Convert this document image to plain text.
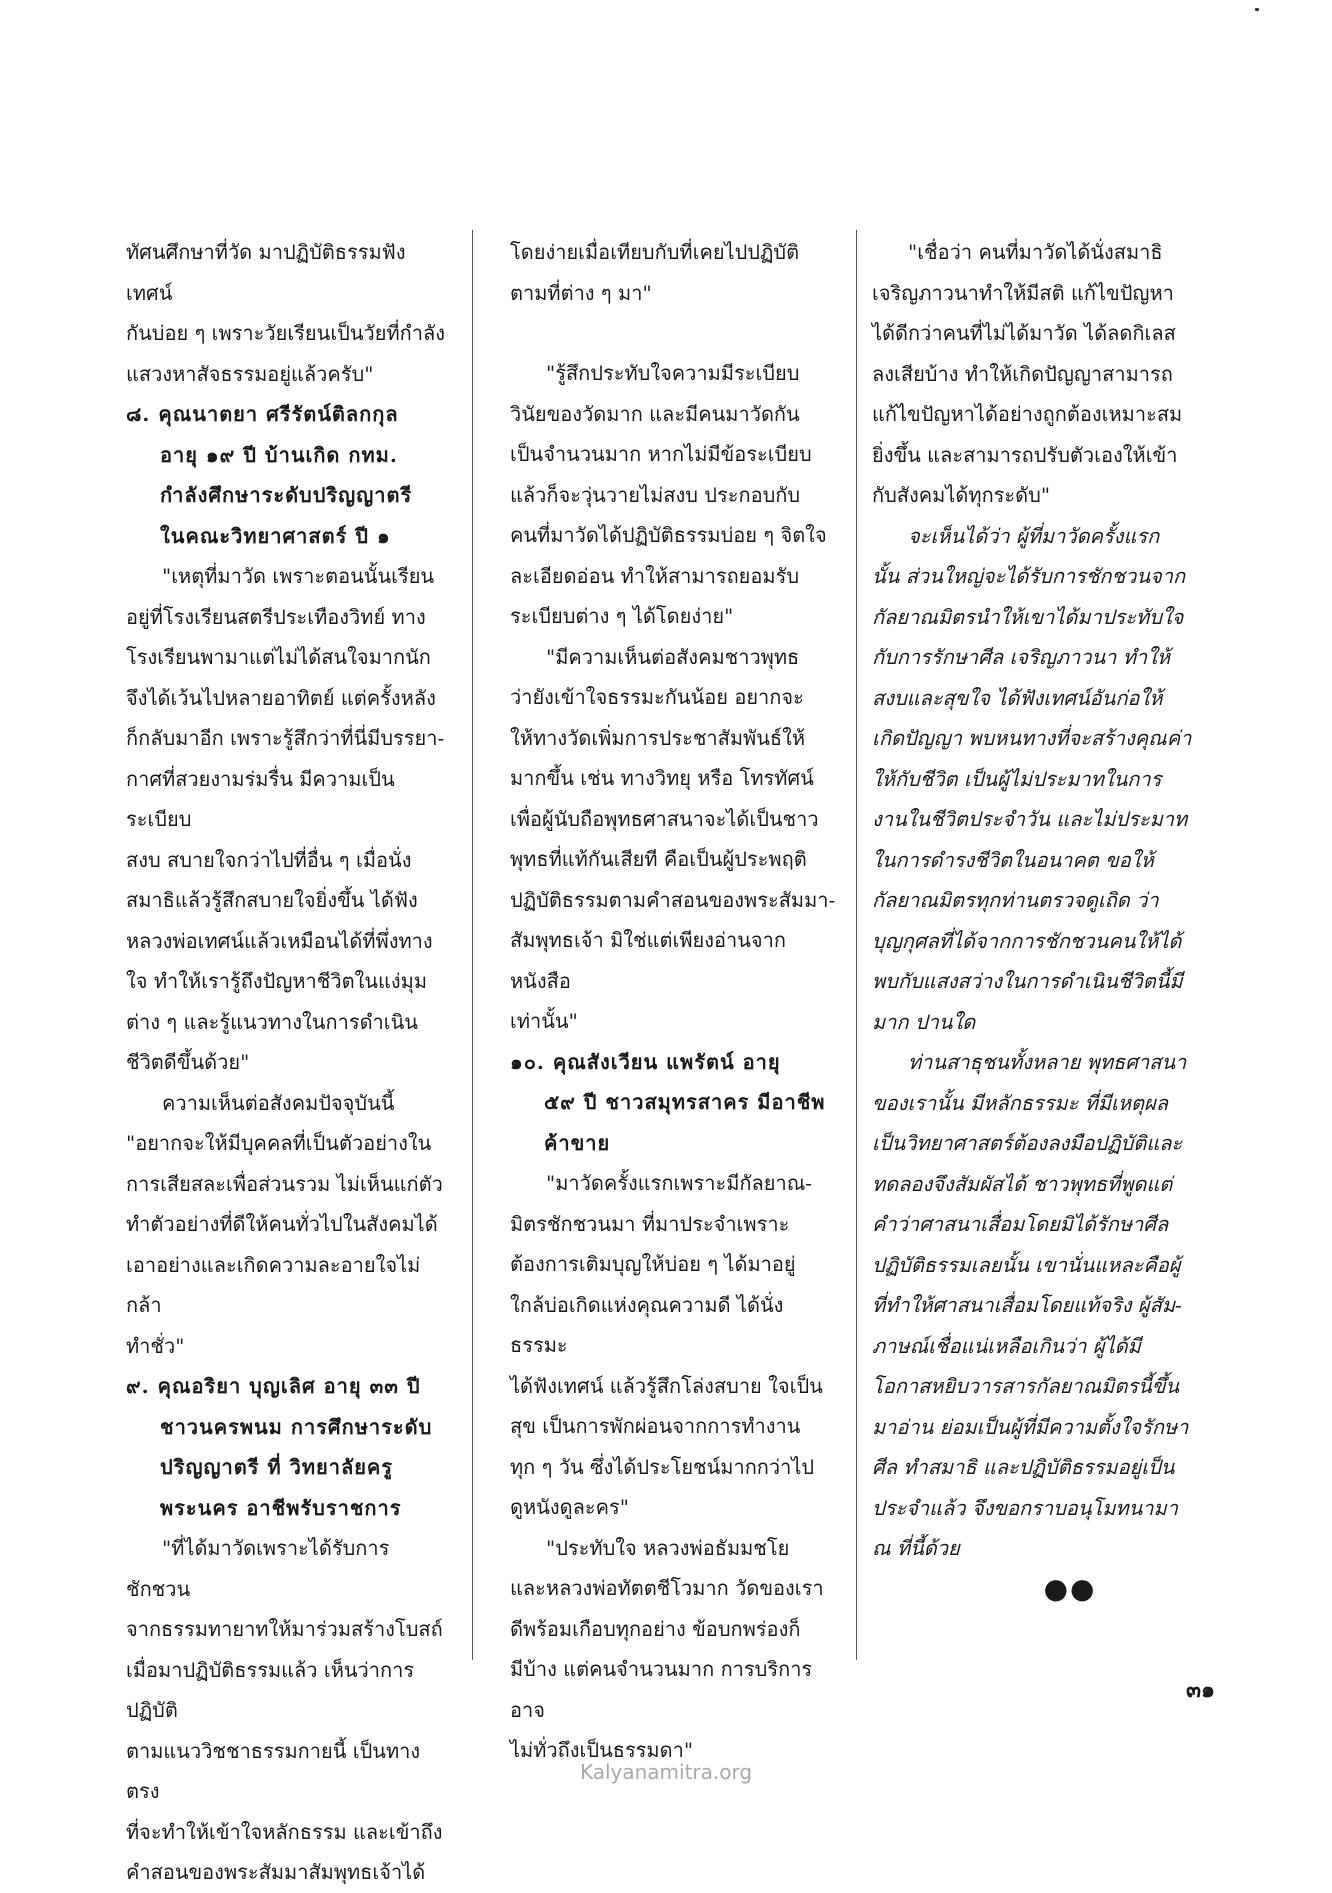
ทัศนศึกษาที่วัด มาปฏิบัติธรรมฟังเทศน์
กันบ่อย ๆ เพราะวัยเรียนเป็นวัยที่กำลัง
แสวงหาสัจธรรมอยู่แล้วครับ"

๘. คุณนาตยา ศรีรัตน์ติลกกุล
อายุ ๑๙ ปี บ้านเกิด กทม.
กำลังศึกษาระดับปริญญาตรี
ในคณะวิทยาศาสตร์ ปี ๑

"เหตุที่มาวัด เพราะตอนนั้นเรียน
อยู่ที่โรงเรียนสตรีประเทืองวิทย์ ทาง
โรงเรียนพามาแต่ไม่ได้สนใจมากนัก
จึงได้เว้นไปหลายอาทิตย์ แต่ครั้งหลัง
ก็กลับมาอีก เพราะรู้สึกว่าที่นี่มีบรรยา-
กาศที่สวยงามร่มรื่น มีความเป็นระเบียบ
สงบ สบายใจกว่าไปที่อื่น ๆ เมื่อนั่ง
สมาธิแล้วรู้สึกสบายใจยิ่งขึ้น ได้ฟัง
หลวงพ่อเทศน์แล้วเหมือนได้ที่พึ่งทาง
ใจ ทำให้เรารู้ถึงปัญหาชีวิตในแง่มุม
ต่าง ๆ และรู้แนวทางในการดำเนิน
ชีวิตดีขึ้นด้วย"

ความเห็นต่อสังคมปัจจุบันนี้

"อยากจะให้มีบุคคลที่เป็นตัวอย่างใน
การเสียสละเพื่อส่วนรวม ไม่เห็นแก่ตัว
ทำตัวอย่างที่ดีให้คนทั่วไปในสังคมได้
เอาอย่างและเกิดความละอายใจไม่กล้า
ทำชั่ว"

๙. คุณอริยา บุญเลิศ อายุ ๓๓ ปี
ชาวนครพนม การศึกษาระดับ
ปริญญาตรี ที่ วิทยาลัยครู
พระนคร อาชีพรับราชการ

"ที่ได้มาวัดเพราะได้รับการชักชวน
จากธรรมทายาทให้มาร่วมสร้างโบสถ์
เมื่อมาปฏิบัติธรรมแล้ว เห็นว่าการปฏิบัติ
ตามแนววิชชาธรรมกายนี้ เป็นทางตรง
ที่จะทำให้เข้าใจหลักธรรม และเข้าถึง
คำสอนของพระสัมมาสัมพุทธเจ้าได้

โดยง่ายเมื่อเทียบกับที่เคยไปปฏิบัติ
ตามที่ต่าง ๆ มา"

"รู้สึกประทับใจความมีระเบียบ
วินัยของวัดมาก และมีคนมาวัดกัน
เป็นจำนวนมาก หากไม่มีข้อระเบียบ
แล้วก็จะวุ่นวายไม่สงบ ประกอบกับ
คนที่มาวัดได้ปฏิบัติธรรมบ่อย ๆ จิตใจ
ละเอียดอ่อน ทำให้สามารถยอมรับ
ระเบียบต่าง ๆ ได้โดยง่าย"

"มีความเห็นต่อสังคมชาวพุทธ
ว่ายังเข้าใจธรรมะกันน้อย อยากจะ
ให้ทางวัดเพิ่มการประชาสัมพันธ์ให้
มากขึ้น เช่น ทางวิทยุ หรือ โทรทัศน์
เพื่อผู้นับถือพุทธศาสนาจะได้เป็นชาว
พุทธที่แท้กันเสียที คือเป็นผู้ประพฤติ
ปฏิบัติธรรมตามคำสอนของพระสัมมา-
สัมพุทธเจ้า มิใช่แต่เพียงอ่านจากหนังสือ
เท่านั้น"

๑๐. คุณสังเวียน แพรัตน์ อายุ
๕๙ ปี ชาวสมุทรสาคร มีอาชีพ
ค้าขาย

"มาวัดครั้งแรกเพราะมีกัลยาณ-
มิตรชักชวนมา ที่มาประจำเพราะ
ต้องการเติมบุญให้บ่อย ๆ ได้มาอยู่
ใกล้บ่อเกิดแห่งคุณความดี ได้นั่งธรรมะ
ได้ฟังเทศน์ แล้วรู้สึกโล่งสบาย ใจเป็น
สุข เป็นการพักผ่อนจากการทำงาน
ทุก ๆ วัน ซึ่งได้ประโยชน์มากกว่าไป
ดูหนังดูละคร"

"ประทับใจ หลวงพ่อธัมมชโย
และหลวงพ่อทัตตชีโวมาก วัดของเรา
ดีพร้อมเกือบทุกอย่าง ข้อบกพร่องก็
มีบ้าง แต่คนจำนวนมาก การบริการอาจ
ไม่ทั่วถึงเป็นธรรมดา"

"เชื่อว่า คนที่มาวัดได้นั่งสมาธิ
เจริญภาวนาทำให้มีสติ แก้ไขปัญหา
ได้ดีกว่าคนที่ไม่ได้มาวัด ได้ลดกิเลส
ลงเสียบ้าง ทำให้เกิดปัญญาสามารถ
แก้ไขปัญหาได้อย่างถูกต้องเหมาะสม
ยิ่งขึ้น และสามารถปรับตัวเองให้เข้า
กับสังคมได้ทุกระดับ"

จะเห็นได้ว่า ผู้ที่มาวัดครั้งแรก
นั้น ส่วนใหญ่จะได้รับการชักชวนจาก
กัลยาณมิตรนำให้เขาได้มาประทับใจ
กับการรักษาศีล เจริญภาวนา ทำให้
สงบและสุขใจ ได้ฟังเทศน์อันก่อให้
เกิดปัญญา พบหนทางที่จะสร้างคุณค่า
ให้กับชีวิต เป็นผู้ไม่ประมาทในการ
งานในชีวิตประจำวัน และไม่ประมาท
ในการดำรงชีวิตในอนาคต ขอให้
กัลยาณมิตรทุกท่านตรวจดูเถิด ว่า
บุญกุศลที่ได้จากการชักชวนคนให้ได้
พบกับแสงสว่างในการดำเนินชีวิตนี้มี
มาก ปานใด

ท่านสาธุชนทั้งหลาย พุทธศาสนา
ของเรานั้น มีหลักธรรมะ ที่มีเหตุผล
เป็นวิทยาศาสตร์ต้องลงมือปฏิบัติและ
ทดลองจึงสัมผัสได้ ชาวพุทธที่พูดแต่
คำว่าศาสนาเสื่อมโดยมิได้รักษาศีล
ปฏิบัติธรรมเลยนั้น เขานั่นแหละคือผู้
ที่ทำให้ศาสนาเสื่อมโดยแท้จริง ผู้สัม-
ภาษณ์เชื่อแน่เหลือเกินว่า ผู้ได้มี
โอกาสหยิบวารสารกัลยาณมิตรนี้ขึ้น
มาอ่าน ย่อมเป็นผู้ที่มีความตั้งใจรักษา
ศีล ทำสมาธิ และปฏิบัติธรรมอยู่เป็น
ประจำแล้ว จึงขอกราบอนุโมทนามา
ณ ที่นี้ด้วย

●●

๓๑
Kalyanamitra.org
